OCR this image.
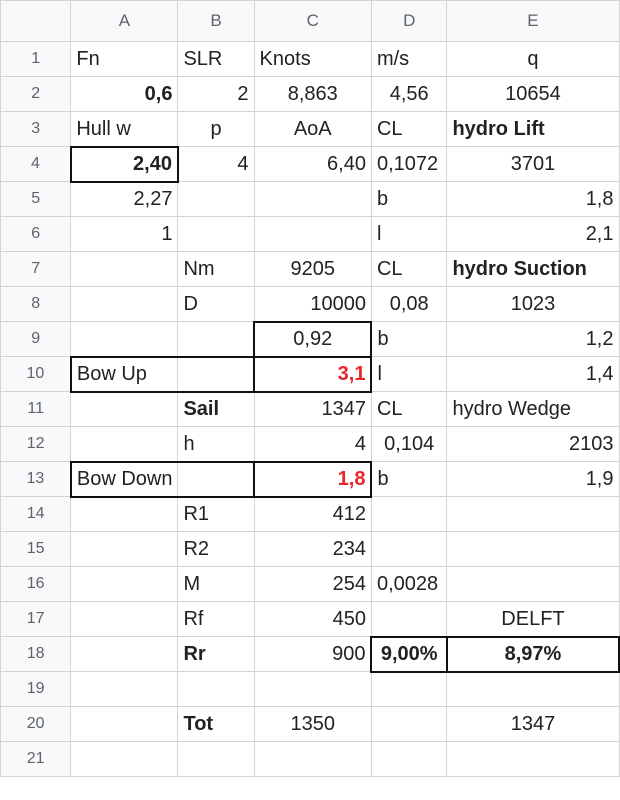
	A	B	C	D	E
1	Fn	SLR	Knots	m/s	q
2	0,6	2	8,863	4,56	10654
3	Hull w	p	AoA	CL	hydro Lift
4	2,40	4	6,40	0,1072	3701
5	2,27			b	1,8
6	1			l	2,1
7		Nm	9205	CL	hydro Suction
8		D	10000	0,08	1023
9			0,92	b	1,2
10	Bow Up		3,1	l	1,4
11		Sail	1347	CL	hydro Wedge
12		h	4	0,104	2103
13	Bow Down		1,8	b	1,9
14		R1	412		
15		R2	234		
16		M	254	0,0028	
17		Rf	450		DELFT
18		Rr	900	9,00%	8,97%
19					
20		Tot	1350		1347
21					
